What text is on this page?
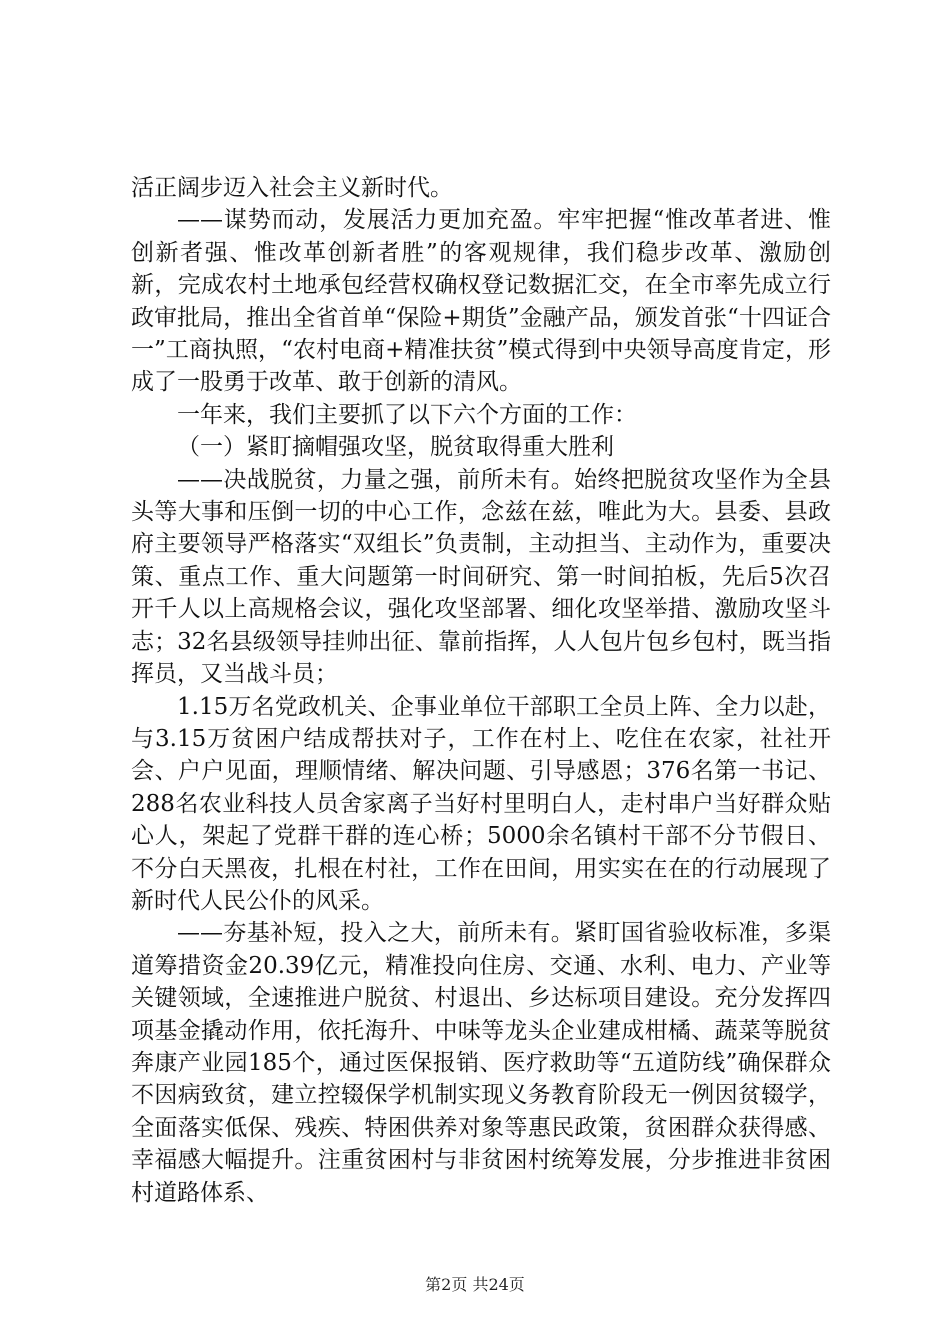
活正阔步迈入社会主义新时代。

——谋势而动，发展活力更加充盈。牢牢把握“惟改革者进、惟创新者强、惟改革创新者胜”的客观规律，我们稳步改革、激励创新，完成农村土地承包经营权确权登记数据汇交，在全市率先成立行政审批局，推出全省首单“保险+期货”金融产品，颁发首张“十四证合一”工商执照，“农村电商+精准扶贫”模式得到中央领导高度肯定，形成了一股勇于改革、敢于创新的清风。

一年来，我们主要抓了以下六个方面的工作：

（一）紧盯摘帽强攻坚，脱贫取得重大胜利

——决战脱贫，力量之强，前所未有。始终把脱贫攻坚作为全县头等大事和压倒一切的中心工作，念兹在兹，唯此为大。县委、县政府主要领导严格落实“双组长”负责制，主动担当、主动作为，重要决策、重点工作、重大问题第一时间研究、第一时间拍板，先后5次召开千人以上高规格会议，强化攻坚部署、细化攻坚举措、激励攻坚斗志；32名县级领导挂帅出征、靠前指挥，人人包片包乡包村，既当指挥员，又当战斗员；

1.15万名党政机关、企事业单位干部职工全员上阵、全力以赴，与3.15万贫困户结成帮扶对子，工作在村上、吃住在农家，社社开会、户户见面，理顺情绪、解决问题、引导感恩；376名第一书记、288名农业科技人员舍家离子当好村里明白人，走村串户当好群众贴心人，架起了党群干群的连心桥；5000余名镇村干部不分节假日、不分白天黑夜，扎根在村社，工作在田间，用实实在在的行动展现了新时代人民公仆的风采。

——夯基补短，投入之大，前所未有。紧盯国省验收标准，多渠道筹措资金20.39亿元，精准投向住房、交通、水利、电力、产业等关键领域，全速推进户脱贫、村退出、乡达标项目建设。充分发挥四项基金撬动作用，依托海升、中味等龙头企业建成柑橘、蔬菜等脱贫奔康产业园185个，通过医保报销、医疗救助等“五道防线”确保群众不因病致贫，建立控辍保学机制实现义务教育阶段无一例因贫辍学，全面落实低保、残疾、特困供养对象等惠民政策，贫困群众获得感、幸福感大幅提升。注重贫困村与非贫困村统筹发展，分步推进非贫困村道路体系、

第2页 共24页
